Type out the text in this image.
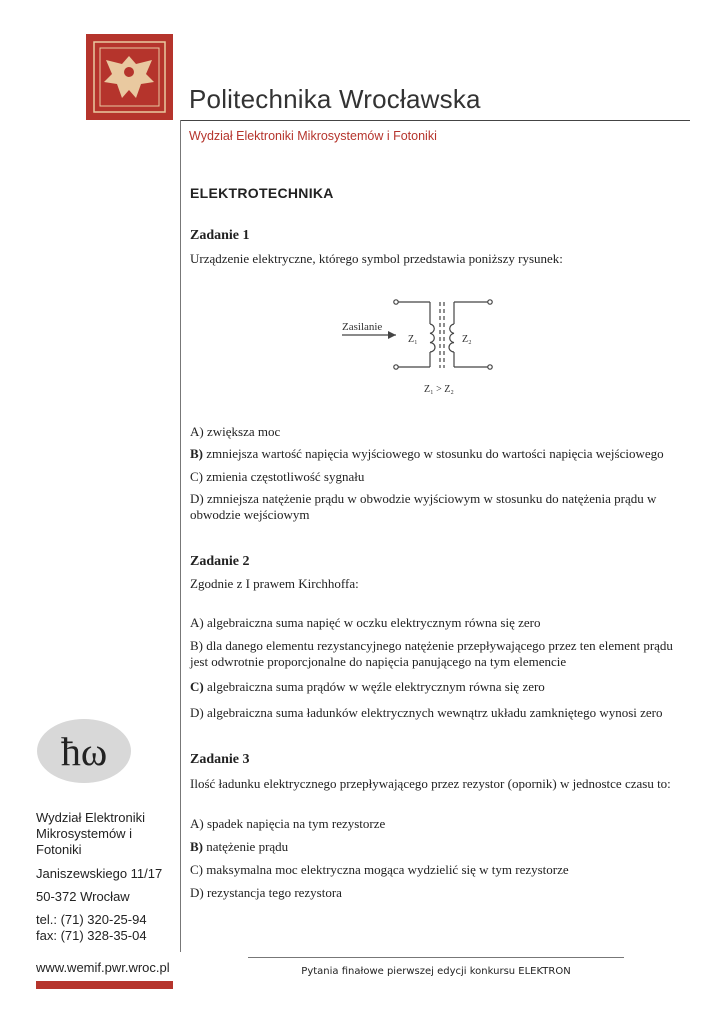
Politechnika Wrocławska
Wydział Elektroniki Mikrosystemów i Fotoniki
ELEKTROTECHNIKA
Zadanie 1
Urządzenie elektryczne, którego symbol przedstawia poniższy rysunek:
Zasilanie
Z₁	Z₂
Z₁ > Z₂
A) zwiększa moc
B) zmniejsza wartość napięcia wyjściowego w stosunku do wartości napięcia wejściowego
C) zmienia częstotliwość sygnału
D) zmniejsza natężenie prądu w obwodzie wyjściowym w stosunku do natężenia prądu w obwodzie wejściowym
Zadanie 2
Zgodnie z I prawem Kirchhoffa:
A) algebraiczna suma napięć w oczku elektrycznym równa się zero
B) dla danego elementu rezystancyjnego natężenie przepływającego przez ten element prądu jest odwrotnie proporcjonalne do napięcia panującego na tym elemencie
C) algebraiczna suma prądów w węźle elektrycznym równa się zero
D) algebraiczna suma ładunków elektrycznych wewnątrz układu zamkniętego wynosi zero
Zadanie 3
Ilość ładunku elektrycznego przepływającego przez rezystor (opornik) w jednostce czasu to:
A) spadek napięcia na tym rezystorze
B) natężenie prądu
C) maksymalna moc elektryczna mogąca wydzielić się w tym rezystorze
D) rezystancja tego rezystora
ħω
Wydział Elektroniki
Mikrosystemów i
Fotoniki
Janiszewskiego 11/17
50-372 Wrocław
tel.: (71) 320-25-94
fax: (71) 328-35-04
www.wemif.pwr.wroc.pl	Pytania finałowe pierwszej edycji konkursu ELEKTRON
